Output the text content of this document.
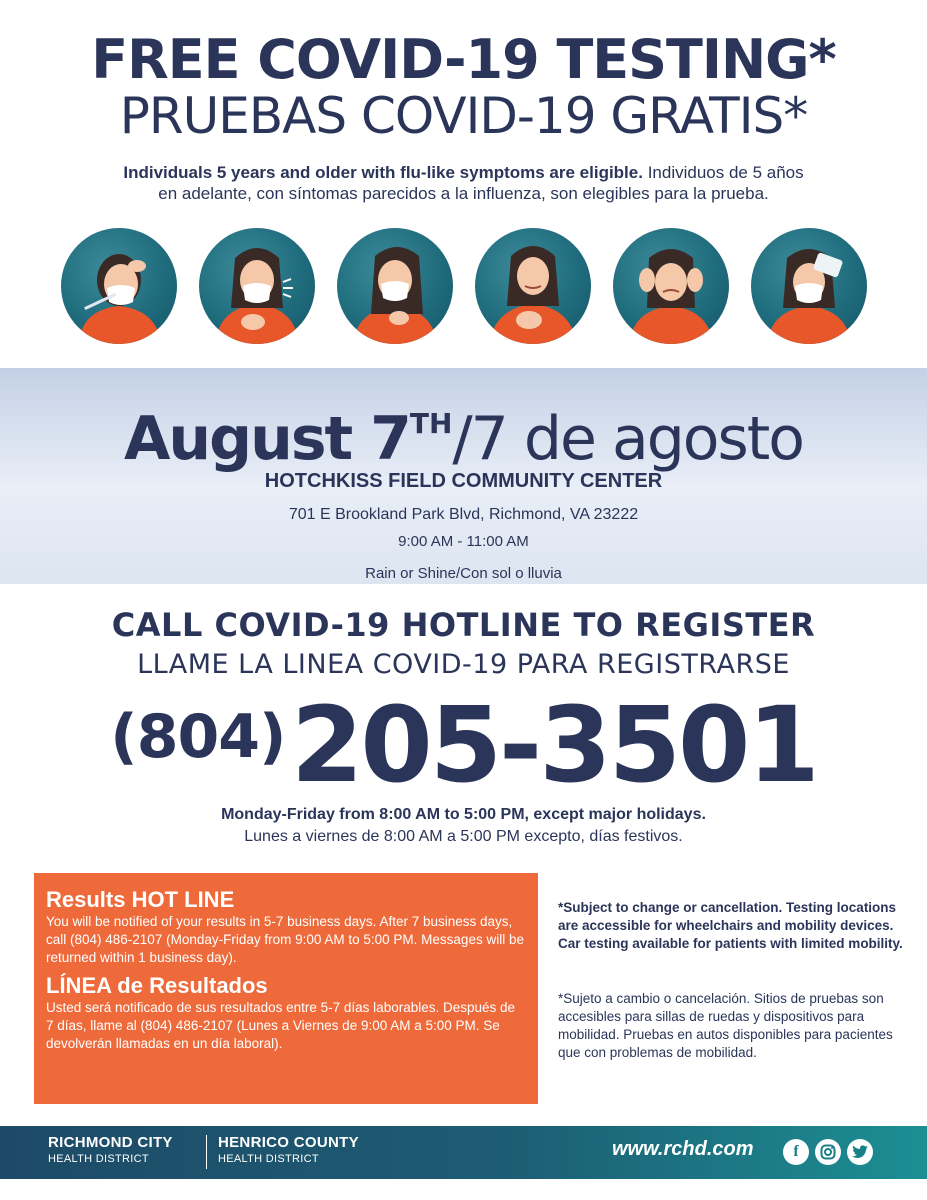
FREE COVID-19 TESTING*
PRUEBAS COVID-19 GRATIS*
Individuals 5 years and older with flu-like symptoms are eligible. Individuos de 5 años
en adelante, con síntomas parecidos a la influenza, son elegibles para la prueba.
August 7TH/7 de agosto
HOTCHKISS FIELD COMMUNITY CENTER
701 E Brookland Park Blvd, Richmond, VA 23222
9:00 AM - 11:00 AM
Rain or Shine/Con sol o lluvia
CALL COVID-19 HOTLINE TO REGISTER
LLAME LA LINEA COVID-19 PARA REGISTRARSE
(804) 205-3501
Monday-Friday from 8:00 AM to 5:00 PM, except major holidays.
Lunes a viernes de 8:00 AM a 5:00 PM excepto, días festivos.
Results HOT LINE

You will be notified of your results in 5-7 business days. After 7 business days, call (804) 486-2107 (Monday-Friday from 9:00 AM to 5:00 PM. Messages will be returned within 1 business day).

LÍNEA de Resultados

Usted será notificado de sus resultados entre 5-7 días laborables. Después de 7 días, llame al (804) 486-2107 (Lunes a Viernes de 9:00 AM a 5:00 PM. Se devolverán llamadas en un día laboral).

*Subject to change or cancellation. Testing locations are accessible for wheelchairs and mobility devices. Car testing available for patients with limited mobility.
*Sujeto a cambio o cancelación. Sitios de pruebas son accesibles para sillas de ruedas y dispositivos para mobilidad. Pruebas en autos disponibles para pacientes que con problemas de mobilidad.
RICHMOND CITY
HEALTH DISTRICT
HENRICO COUNTY
HEALTH DISTRICT	www.rchd.com	f
